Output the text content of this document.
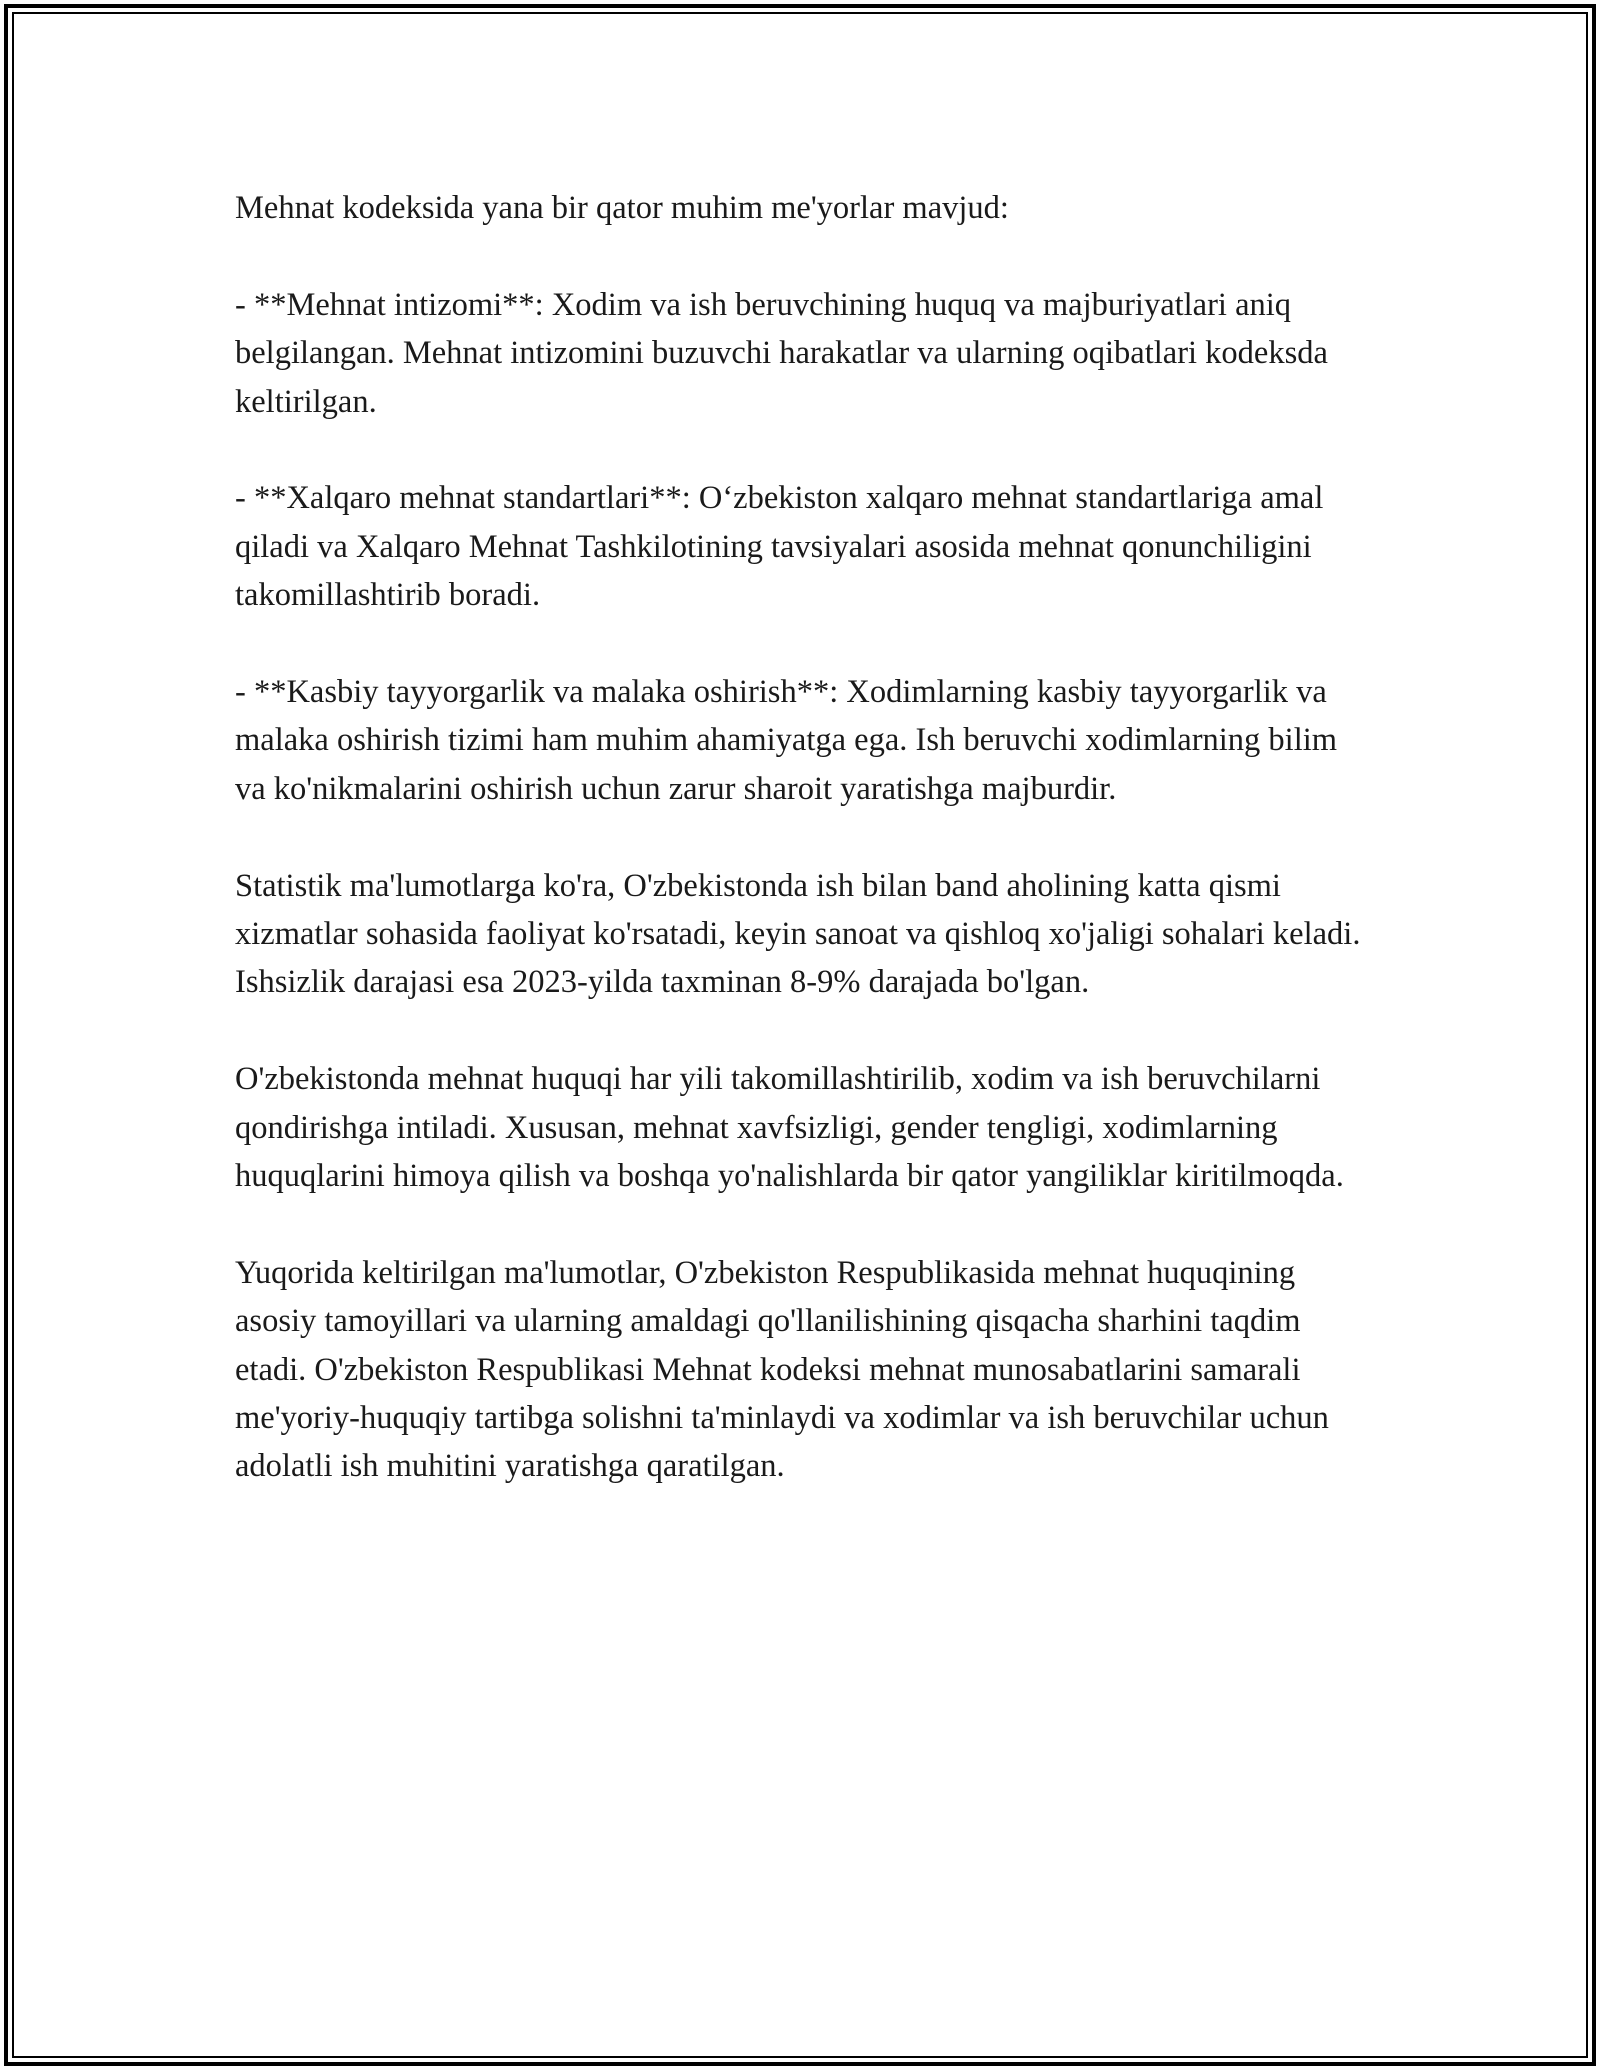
Mehnat kodeksida yana bir qator muhim me'yorlar mavjud:

- **Mehnat intizomi**: Xodim va ish beruvchining huquq va majburiyatlari aniq belgilangan. Mehnat intizomini buzuvchi harakatlar va ularning oqibatlari kodeksda keltirilgan.

- **Xalqaro mehnat standartlari**: O‘zbekiston xalqaro mehnat standartlariga amal qiladi va Xalqaro Mehnat Tashkilotining tavsiyalari asosida mehnat qonunchiligini takomillashtirib boradi.

- **Kasbiy tayyorgarlik va malaka oshirish**: Xodimlarning kasbiy tayyorgarlik va malaka oshirish tizimi ham muhim ahamiyatga ega. Ish beruvchi xodimlarning bilim va ko'nikmalarini oshirish uchun zarur sharoit yaratishga majburdir.

Statistik ma'lumotlarga ko'ra, O'zbekistonda ish bilan band aholining katta qismi xizmatlar sohasida faoliyat ko'rsatadi, keyin sanoat va qishloq xo'jaligi sohalari keladi. Ishsizlik darajasi esa 2023-yilda taxminan 8-9% darajada bo'lgan.

O'zbekistonda mehnat huquqi har yili takomillashtirilib, xodim va ish beruvchilarni qondirishga intiladi. Xususan, mehnat xavfsizligi, gender tengligi, xodimlarning huquqlarini himoya qilish va boshqa yo'nalishlarda bir qator yangiliklar kiritilmoqda.

Yuqorida keltirilgan ma'lumotlar, O'zbekiston Respublikasida mehnat huquqining asosiy tamoyillari va ularning amaldagi qo'llanilishining qisqacha sharhini taqdim etadi. O'zbekiston Respublikasi Mehnat kodeksi mehnat munosabatlarini samarali me'yoriy-huquqiy tartibga solishni ta'minlaydi va xodimlar va ish beruvchilar uchun adolatli ish muhitini yaratishga qaratilgan.
